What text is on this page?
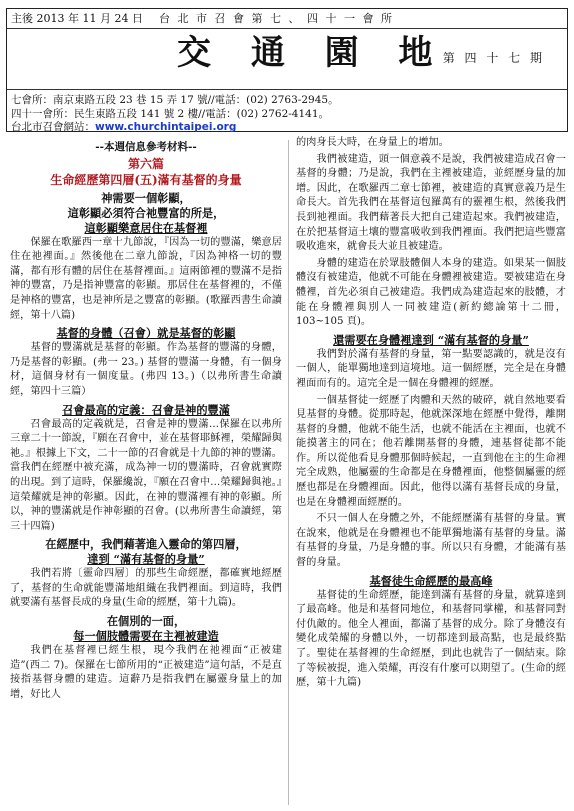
主後 2013 年 11 月 24 日 台 北 市 召 會 第 七 、 四 十 一 會 所
交 通 園 地
第 四 十 七 期
七會所：南京東路五段 23 巷 15 弄 17 號//電話：(02) 2763-2945。
四十一會所：民生東路五段 141 號 2 樓//電話：(02) 2762-4141。
台北市召會網站：www.churchintaipei.org
--本週信息參考材料--
第六篇
生命經歷第四層(五)滿有基督的身量
神需要一個彰顯，
這彰顯必須符合祂豐富的所是，
這彰顯樂意居住在基督裡

保羅在歌羅西一章十九節說，『因為一切的豐滿，樂意居住在祂裡面。』然後他在二章九節說，『因為神格一切的豐滿，都有形有體的居住在基督裡面。』這兩節裡的豐滿不是指神的豐富，乃是指神豐富的彰顯。那居住在基督裡的，不僅是神格的豐富，也是神所是之豐富的彰顯。(歌羅西書生命讀經，第十八篇)

基督的身體（召會）就是基督的彰顯

基督的豐滿就是基督的彰顯。作為基督的豐滿的身體，乃是基督的彰顯。(弗一 23。) 基督的豐滿一身體，有一個身材，這個身材有一個度量。(弗四 13。)（以弗所書生命讀經，第四十三篇）

召會最高的定義：召會是神的豐滿

召會最高的定義就是，召會是神的豐滿…保羅在以弗所三章二十一節說，『願在召會中，並在基督耶穌裡，榮耀歸與祂。』根據上下文，二十一節的召會就是十九節的神的豐滿。當我們在經歷中被充滿，成為神一切的豐滿時，召會就實際的出現。到了這時，保羅纔說，『願在召會中…榮耀歸與祂。』這榮耀就是神的彰顯。因此，在神的豐滿裡有神的彰顯。所以，神的豐滿就是作神彰顯的召會。(以弗所書生命讀經，第三十四篇)

在經歷中，我們藉著進入靈命的第四層，
達到 “滿有基督的身量”

我們若將〔靈命四層〕的那些生命經歷，都確實地經歷了，基督的生命就能豐滿地組織在我們裡面。到這時，我們就要滿有基督長成的身量(生命的經歷，第十九篇)。

在個別的一面，
每一個肢體需要在主裡被建造

我們在基督裡已經生根，現今我們在祂裡面“正被建造”(西二 7)。保羅在七節所用的“正被建造”這句話，不是直接指基督身體的建造。這辭乃是指我們在屬靈身量上的加增，好比人

的肉身長大時，在身量上的增加。

我們被建造，頭一個意義不是說，我們被建造成召會一基督的身體；乃是說，我們在主裡被建造，並經歷身量的加增。因此，在歌羅西二章七節裡，被建造的真實意義乃是生命長大。首先我們在基督這包羅萬有的靈裡生根，然後我們長到祂裡面。我們藉著長大把自己建造起來。我們被建造，在於把基督這土壤的豐富吸收到我們裡面。我們把這些豐富吸收進來，就會長大並且被建造。

身體的建造在於眾肢體個人本身的建造。如果某一個肢體沒有被建造，他就不可能在身體裡被建造。要被建造在身體裡，首先必須自己被建造。我們成為建造起來的肢體，才能在身體裡與別人一同被建造(新約總論第十二冊，103~105 頁)。

還需要在身體裡達到 “滿有基督的身量”

我們對於滿有基督的身量，第一點要認識的，就是沒有一個人，能單獨地達到這境地。這一個經歷，完全是在身體裡面而有的。這完全是一個在身體裡的經歷。

一個基督徒一經歷了肉體和天然的破碎，就自然地要看見基督的身體。從那時起，他就深深地在經歷中覺得，離開基督的身體，他就不能生活，也就不能活在主裡面，也就不能摸著主的同在；他若離開基督的身體，連基督徒都不能作。所以從他看見身體那個時候起，一直到他在主的生命裡完全成熟，他屬靈的生命都是在身體裡面，他整個屬靈的經歷也都是在身體裡面。因此，他得以滿有基督長成的身量，也是在身體裡面經歷的。

不只一個人在身體之外，不能經歷滿有基督的身量。實在說來，他就是在身體裡也不能單獨地滿有基督的身量。滿有基督的身量，乃是身體的事。所以只有身體，才能滿有基督的身量。

基督徒生命經歷的最高峰

基督徒的生命經歷，能達到滿有基督的身量，就算達到了最高峰。他是和基督同地位，和基督同掌權，和基督同對付仇敵的。他全人裡面，都滿了基督的成分。除了身體沒有變化成榮耀的身體以外，一切都達到最高點，也是最終點了。聖徒在基督裡的生命經歷，到此也就告了一個結束。除了等候被提，進入榮耀，再沒有什麼可以期望了。(生命的經歷，第十九篇)
